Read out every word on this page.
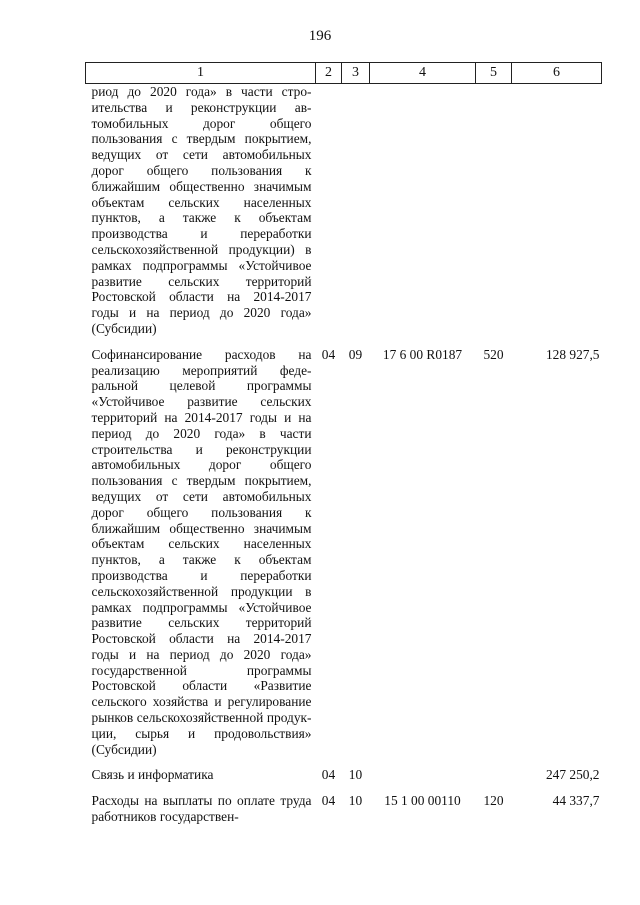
196
1	2	3	4	5	6
риод до 2020 года» в части строительства и реконструкции автомобильных дорог общего пользования с твердым покрытием, ведущих от сети автомобильных дорог общего пользования к ближайшим общественно значимым объектам сельских населенных пунктов, а также к объектам производства и переработки сельскохозяйственной продукции) в рамках подпрограммы «Устойчивое развитие сельских территорий Ростовской области на 2014-2017 годы и на период до 2020 года» (Субсидии)					
Софинансирование расходов на реализацию мероприятий федеральной целевой программы «Устойчивое развитие сельских территорий на 2014-2017 годы и на период до 2020 года» в части строительства и реконструкции автомобильных дорог общего пользования с твердым покрытием, ведущих от сети автомобильных дорог общего пользования к ближайшим общественно значимым объектам сельских населенных пунктов, а также к объектам производства и переработки сельскохозяйственной продукции в рамках подпрограммы «Устойчивое развитие сельских территорий Ростовской области на 2014-2017 годы и на период до 2020 года» государственной программы Ростовской области «Развитие сельского хозяйства и регулирование рынков сельскохозяйственной продукции, сырья и продовольствия» (Субсидии)	04	09	17 6 00 R0187	520	128 927,5
Связь и информатика	04	10			247 250,2
Расходы на выплаты по оплате труда работников государствен-	04	10	15 1 00 00110	120	44 337,7
